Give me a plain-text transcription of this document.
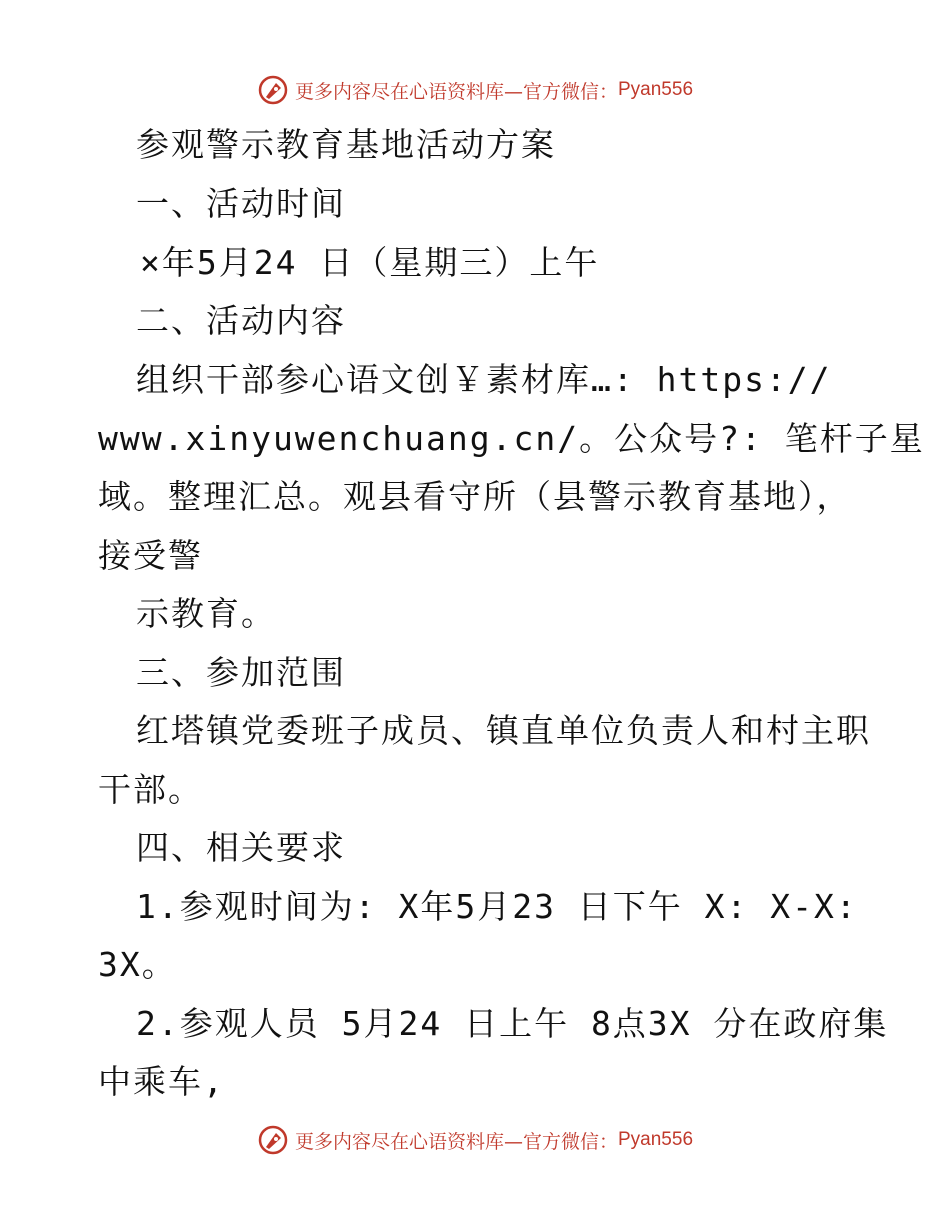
更多内容尽在心语资料库—官方微信： Pyan556
参观警示教育基地活动方案
一、活动时间
×年5月24 日（星期三）上午
二、活动内容
组织干部参心语文创￥素材库…: https://
www.xinyuwenchuang.cn/。公众号?: 笔杆子星
域。整理汇总。观县看守所（县警示教育基地），
接受警
示教育。
三、参加范围
红塔镇党委班子成员、镇直单位负责人和村主职
干部。
四、相关要求
1.参观时间为: X年5月23 日下午 X: X-X:
3X。
2.参观人员 5月24 日上午 8点3X 分在政府集
中乘车,
更多内容尽在心语资料库—官方微信： Pyan556
